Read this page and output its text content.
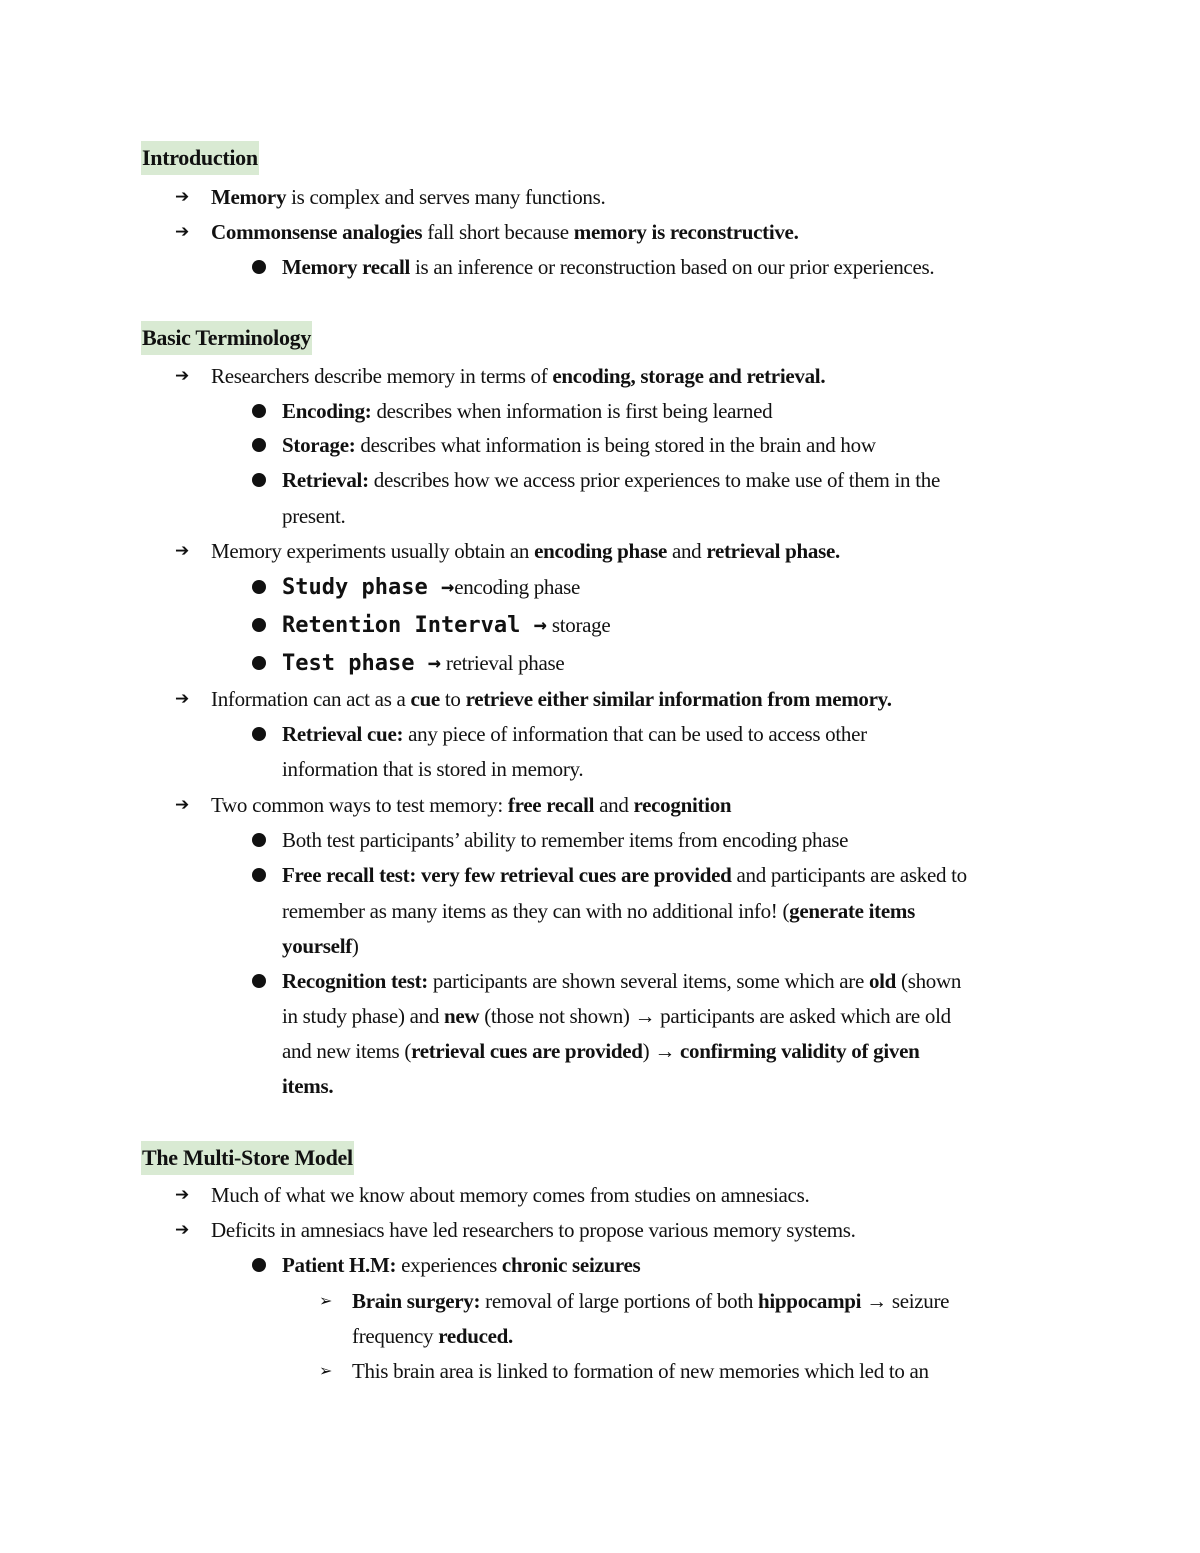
Introduction
➔ Memory is complex and serves many functions.
➔ Commonsense analogies fall short because memory is reconstructive.
Memory recall is an inference or reconstruction based on our prior experiences.
Basic Terminology
➔ Researchers describe memory in terms of encoding, storage and retrieval.
Encoding: describes when information is first being learned
Storage: describes what information is being stored in the brain and how
Retrieval: describes how we access prior experiences to make use of them in the
present.
➔ Memory experiments usually obtain an encoding phase and retrieval phase.
Study phase →encoding phase
Retention Interval → storage
Test phase → retrieval phase
➔ Information can act as a cue to retrieve either similar information from memory.
Retrieval cue: any piece of information that can be used to access other
information that is stored in memory.
➔ Two common ways to test memory: free recall and recognition
Both test participants’ ability to remember items from encoding phase
Free recall test: very few retrieval cues are provided and participants are asked to
remember as many items as they can with no additional info! (generate items
yourself)
Recognition test: participants are shown several items, some which are old (shown
in study phase) and new (those not shown) → participants are asked which are old
and new items (retrieval cues are provided) → confirming validity of given
items.
The Multi-Store Model
➔ Much of what we know about memory comes from studies on amnesiacs.
➔ Deficits in amnesiacs have led researchers to propose various memory systems.
Patient H.M: experiences chronic seizures
➢ Brain surgery: removal of large portions of both hippocampi → seizure
frequency reduced.
➢ This brain area is linked to formation of new memories which led to an
